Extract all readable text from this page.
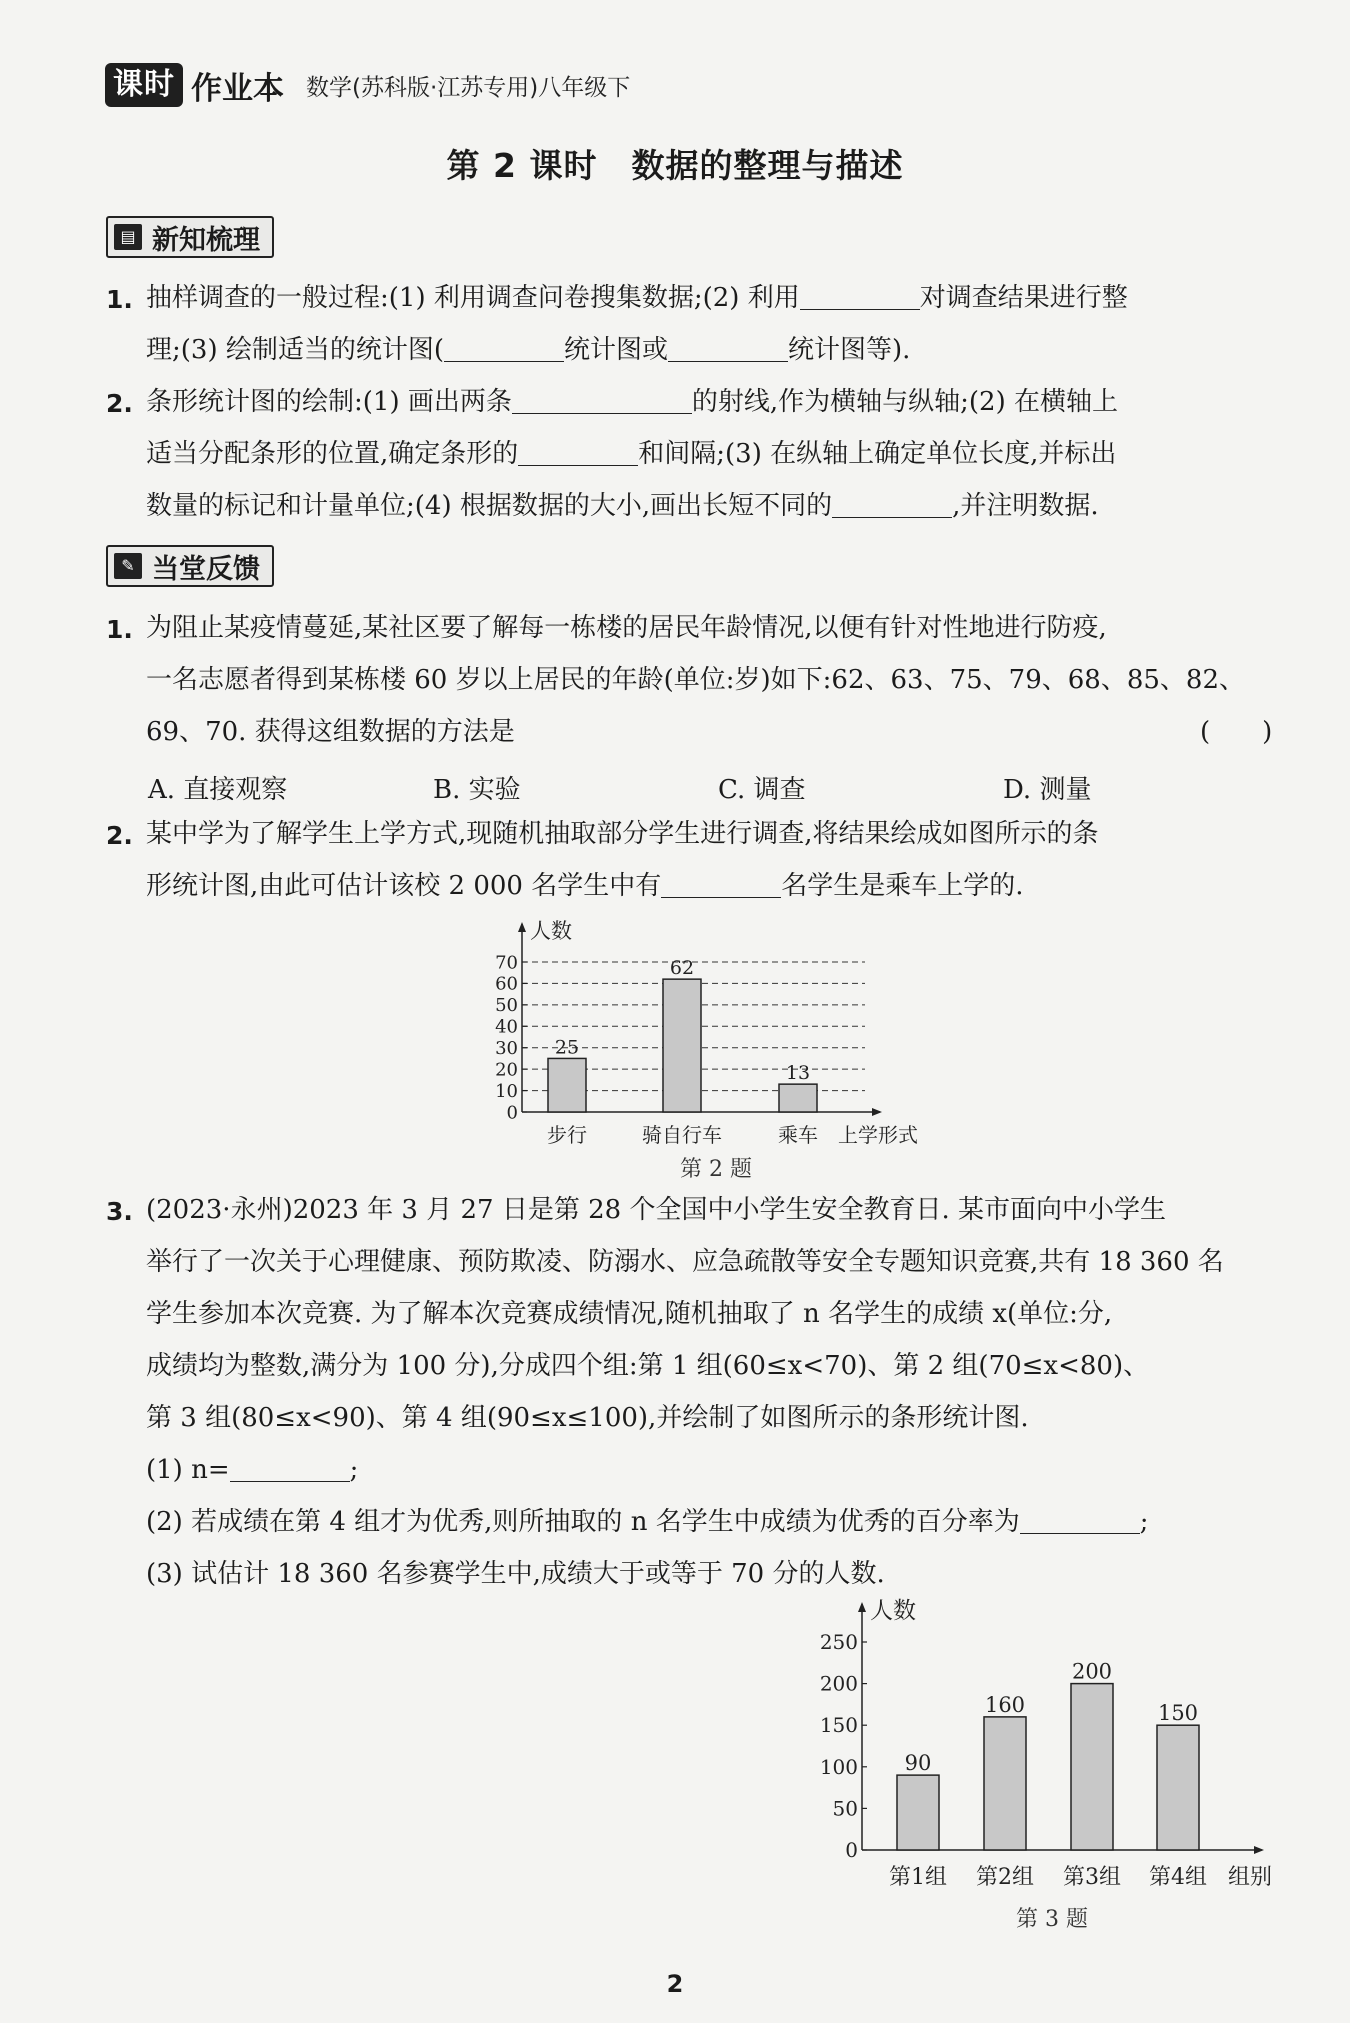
课时 作业本 数学(苏科版·江苏专用)八年级下
第 2 课时　数据的整理与描述
▤ 新知梳理
1. 抽样调查的一般过程:(1) 利用调查问卷搜集数据;(2) 利用	对调查结果进行整
理;(3) 绘制适当的统计图(	统计图或	统计图等).
2. 条形统计图的绘制:(1) 画出两条	的射线,作为横轴与纵轴;(2) 在横轴上
适当分配条形的位置,确定条形的	和间隔;(3) 在纵轴上确定单位长度,并标出
数量的标记和计量单位;(4) 根据数据的大小,画出长短不同的	,并注明数据.
✎ 当堂反馈
1. 为阻止某疫情蔓延,某社区要了解每一栋楼的居民年龄情况,以便有针对性地进行防疫,
一名志愿者得到某栋楼 60 岁以上居民的年龄(单位:岁)如下:62、63、75、79、68、85、82、
69、70. 获得这组数据的方法是	(　　)
A. 直接观察	B. 实验	C. 调查	D. 测量
2. 某中学为了解学生上学方式,现随机抽取部分学生进行调查,将结果绘成如图所示的条
形统计图,由此可估计该校 2 000 名学生中有	名学生是乘车上学的.
0
10
20
30
40
50
60
70
25
步行
62
骑自行车
13
乘车
人数
上学形式
第 2 题
3. (2023·永州)2023 年 3 月 27 日是第 28 个全国中小学生安全教育日. 某市面向中小学生
举行了一次关于心理健康、预防欺凌、防溺水、应急疏散等安全专题知识竞赛,共有 18 360 名
学生参加本次竞赛. 为了解本次竞赛成绩情况,随机抽取了 n 名学生的成绩 x(单位:分,
成绩均为整数,满分为 100 分),分成四个组:第 1 组(60≤x<70)、第 2 组(70≤x<80)、
第 3 组(80≤x<90)、第 4 组(90≤x≤100),并绘制了如图所示的条形统计图.
(1) n=	;
(2) 若成绩在第 4 组才为优秀,则所抽取的 n 名学生中成绩为优秀的百分率为	;
(3) 试估计 18 360 名参赛学生中,成绩大于或等于 70 分的人数.
0
50
100
150
200
250
90
第1组
160
第2组
200
第3组
150
第4组
人数
组别
第 3 题
2
